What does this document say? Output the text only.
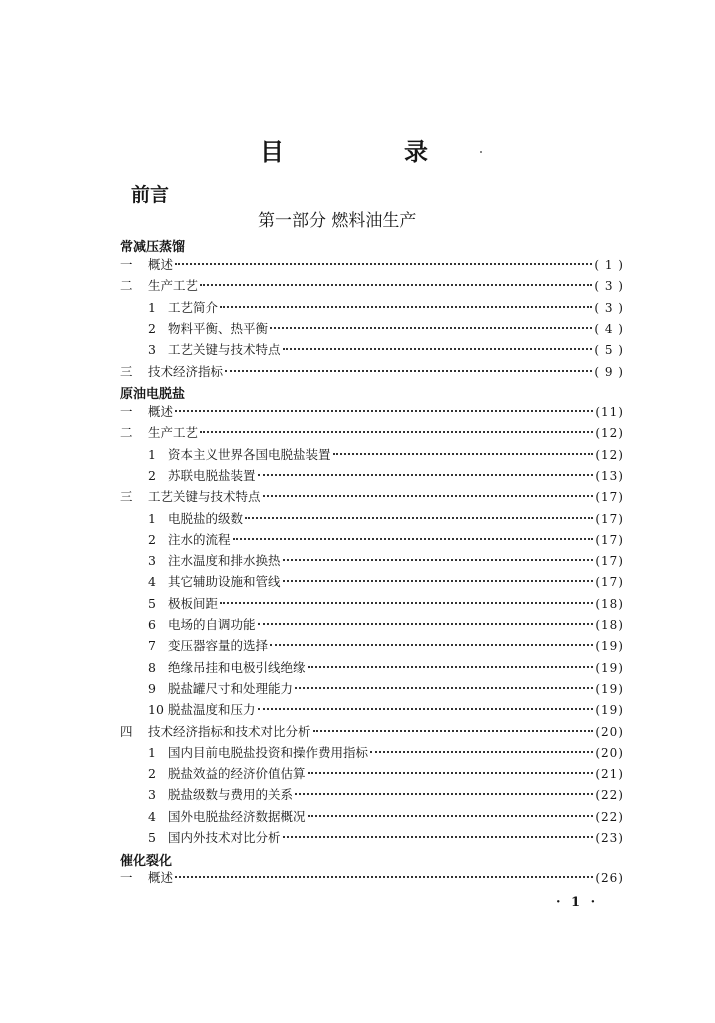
目	录
前言
第一部分 燃料油生产
常减压蒸馏
一	概述	( 1 )
二	生产工艺	( 3 )
1 工艺简介	( 3 )
2 物料平衡、热平衡	( 4 )
3 工艺关键与技术特点	( 5 )
三	技术经济指标	( 9 )
原油电脱盐
一	概述	(11)
二	生产工艺	(12)
1 资本主义世界各国电脱盐装置	(12)
2 苏联电脱盐装置	(13)
三	工艺关键与技术特点	(17)
1 电脱盐的级数	(17)
2 注水的流程	(17)
3 注水温度和排水换热	(17)
4 其它辅助设施和管线	(17)
5 极板间距	(18)
6 电场的自调功能	(18)
7 变压器容量的选择	(19)
8 绝缘吊挂和电极引线绝缘	(19)
9 脱盐罐尺寸和处理能力	(19)
10 脱盐温度和压力	(19)
四	技术经济指标和技术对比分析	(20)
1 国内目前电脱盐投资和操作费用指标	(20)
2 脱盐效益的经济价值估算	(21)
3 脱盐级数与费用的关系	(22)
4 国外电脱盐经济数据概况	(22)
5 国内外技术对比分析	(23)
催化裂化
一	概述	(26)
· 1 ·
